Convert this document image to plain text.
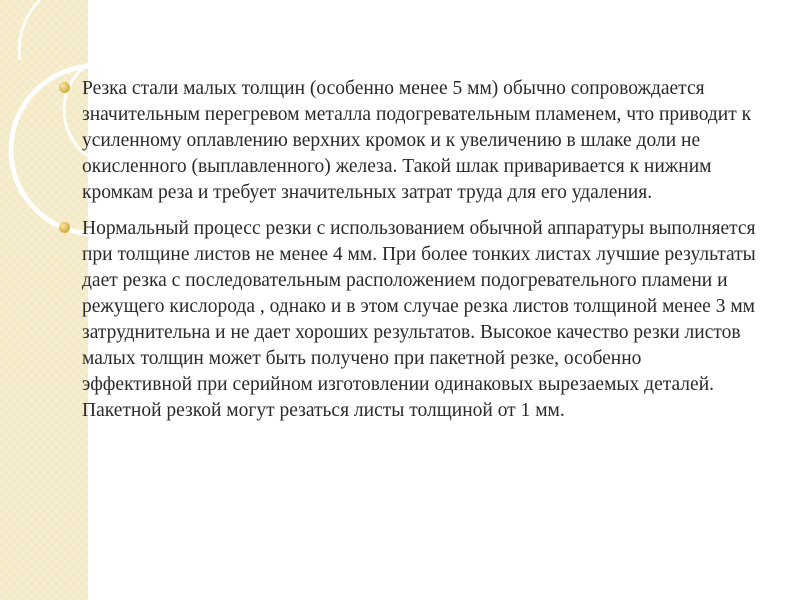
Резка стали малых толщин (особенно менее 5 мм) обычно сопровождается значительным перегревом металла подогревательным пламенем, что приводит к усиленному оплавлению верхних кромок и к увеличению в шлаке доли не окисленного (выплавленного) железа. Такой шлак приваривается к нижним кромкам реза и требует значительных затрат труда для его удаления.
Нормальный процесс резки с использованием обычной аппаратуры выполняется при толщине листов не менее 4 мм. При более тонких листах лучшие результаты дает резка с последовательным расположением подогревательного пламени и режущего кислорода , однако и в этом случае резка листов толщиной менее 3 мм затруднительна и не дает хороших результатов. Высокое качество резки листов малых толщин может быть получено при пакетной резке, особенно эффективной при серийном изготовлении одинаковых вырезаемых деталей. Пакетной резкой могут резаться листы толщиной от 1 мм.
